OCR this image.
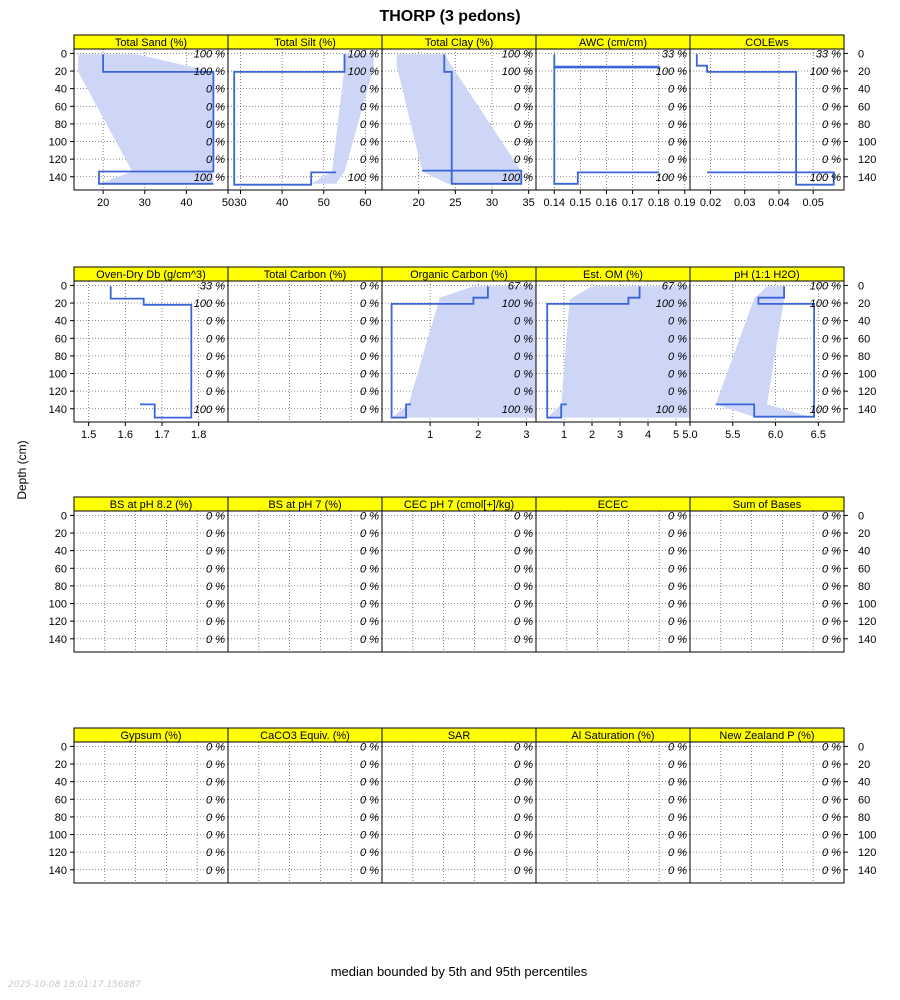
THORP (3 pedons)
Depth (cm)
median bounded by 5th and 95th percentiles
Total Sand (%)
100 %
100 %
0 %
0 %
0 %
0 %
0 %
100 %
20	30	40	50
0
20
40
60
80
100
120
140
Total Silt (%)
100 %
100 %
0 %
0 %
0 %
0 %
0 %
100 %
30	40	50	60
Total Clay (%)
100 %
100 %
0 %
0 %
0 %
0 %
0 %
100 %
20 25 30 35
AWC (cm/cm)
33 %
100 %
0 %
0 %
0 %
0 %
0 %
100 %
0.14 0.15 0.16 0.17 0.18 0.19
COLEws
33 %
100 %
0 %
0 %
0 %
0 %
0 %
100 %
0.02 0.03 0.04 0.05
0
20
40
60
80
100
120
140
Oven-Dry Db (g/cm^3)
33 %
100 %
0 %
0 %
0 %
0 %
0 %
100 %
1.5 1.6 1.7 1.8
0
20
40
60
80
100
120
140
Total Carbon (%)
0 %
0 %
0 %
0 %
0 %
0 %
0 %
0 %
Organic Carbon (%)
67 %
100 %
0 %
0 %
0 %
0 %
0 %
100 %
1	2	3
Est. OM (%)
67 %
100 %
0 %
0 %
0 %
0 %
0 %
100 %
1 2 3 4 5
pH (1:1 H2O)
100 %
100 %
0 %
0 %
0 %
0 %
0 %
100 %
5.0 5.5 6.0 6.5
0
20
40
60
80
100
120
140
BS at pH 8.2 (%)
0 %
0 %
0 %
0 %
0 %
0 %
0 %
0 %
0
20
40
60
80
100
120
140
BS at pH 7 (%)
0 %
0 %
0 %
0 %
0 %
0 %
0 %
0 %
CEC pH 7 (cmol[+]/kg)
0 %
0 %
0 %
0 %
0 %
0 %
0 %
0 %
ECEC
0 %
0 %
0 %
0 %
0 %
0 %
0 %
0 %
Sum of Bases
0 %
0 %
0 %
0 %
0 %
0 %
0 %
0 %
0
20
40
60
80
100
120
140
Gypsum (%)
0 %
0 %
0 %
0 %
0 %
0 %
0 %
0 %
0
20
40
60
80
100
120
140
CaCO3 Equiv. (%)
0 %
0 %
0 %
0 %
0 %
0 %
0 %
0 %
SAR
0 %
0 %
0 %
0 %
0 %
0 %
0 %
0 %
Al Saturation (%)
0 %
0 %
0 %
0 %
0 %
0 %
0 %
0 %
New Zealand P (%)
0 %
0 %
0 %
0 %
0 %
0 %
0 %
0 %
0
20
40
60
80
100
120
140
2025-10-08 18:01:17.156887
